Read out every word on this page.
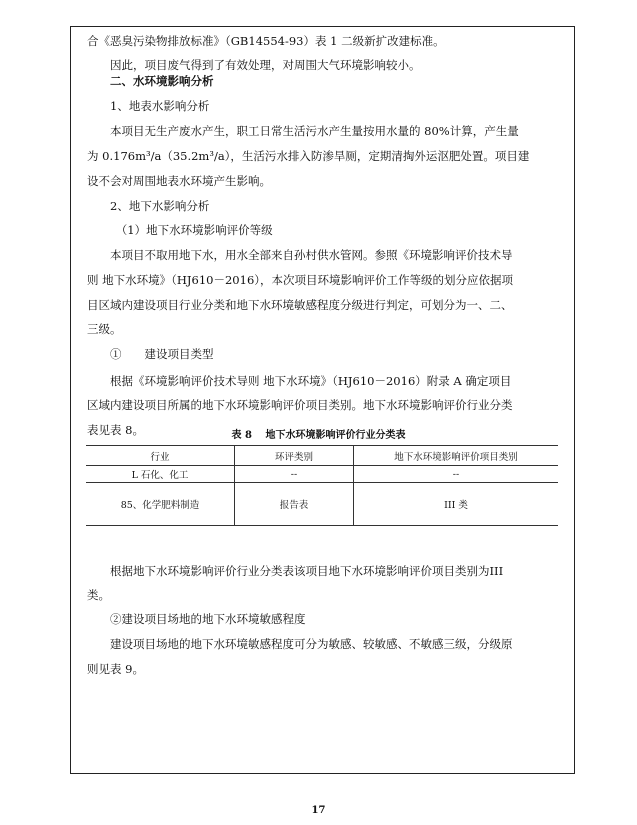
合《恶臭污染物排放标准》（GB14554-93）表 1 二级新扩改建标准。
　　因此，项目废气得到了有效处理，对周围大气环境影响较小。
　　二、水环境影响分析
　　1、地表水影响分析
　　本项目无生产废水产生，职工日常生活污水产生量按用水量的 80%计算，产生量
为 0.176m³/a（35.2m³/a），生活污水排入防渗旱厕，定期清掏外运沤肥处置。项目建
设不会对周围地表水环境产生影响。
　　2、地下水影响分析
　　　（1）地下水环境影响评价等级
　　本项目不取用地下水，用水全部来自孙村供水管网。参照《环境影响评价技术导
则 地下水环境》（HJ610－2016），本次项目环境影响评价工作等级的划分应依据项
目区域内建设项目行业分类和地下水环境敏感程度分级进行判定，可划分为一、二、
三级。
　　①　　建设项目类型
　　根据《环境影响评价技术导则 地下水环境》（HJ610－2016）附录 A 确定项目
区域内建设项目所属的地下水环境影响评价项目类别。地下水环境影响评价行业分类
表见表 8。	表 8　 地下水环境影响评价行业分类表
行业	环评类别	地下水环境影响评价项目类别
L 石化、化工	--	--
85、化学肥料制造	报告表	III 类
　　根据地下水环境影响评价行业分类表该项目地下水环境影响评价项目类别为III
类。
　　②建设项目场地的地下水环境敏感程度
　　建设项目场地的地下水环境敏感程度可分为敏感、较敏感、不敏感三级，分级原
则见表 9。
17
